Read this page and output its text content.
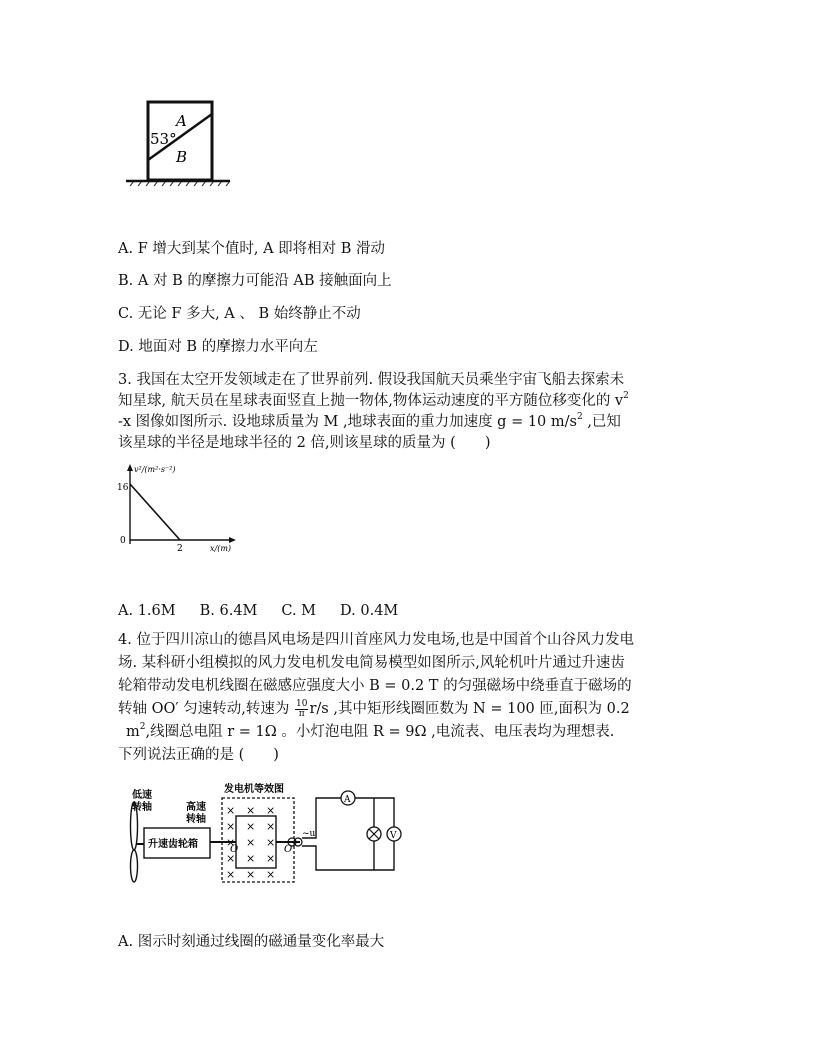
A
53°
B
A. F 增大到某个值时, A 即将相对 B 滑动
B. A 对 B 的摩擦力可能沿 AB 接触面向上
C. 无论 F 多大, A 、 B 始终静止不动
D. 地面对 B 的摩擦力水平向左
3. 我国在太空开发领域走在了世界前列. 假设我国航天员乘坐宇宙飞船去探索未
知星球, 航天员在星球表面竖直上抛一物体,物体运动速度的平方随位移变化的 $v^2$
-x 图像如图所示. 设地球质量为 M ,地球表面的重力加速度 g = 10 $m/s^2$ ,已知
该星球的半径是地球半径的 2 倍,则该星球的质量为 (　　)
v²/(m²·s⁻²)
16
0
2	x/(m)
A. 1.6M B. 6.4M C. M D. 0.4M
4. 位于四川凉山的德昌风电场是四川首座风力发电场,也是中国首个山谷风力发电
场. 某科研小组模拟的风力发电机发电简易模型如图所示,风轮机叶片通过升速齿
轮箱带动发电机线圈在磁感应强度大小 B = 0.2 T 的匀强磁场中绕垂直于磁场的
转轴 OO′ 匀速转动,转速为 $\frac{10}{\pi} r/s$ ,其中矩形线圈匝数为 N = 100 匝,面积为 0.2
$m^2$,线圈总电阻 r = 1Ω 。小灯泡电阻 R = 9Ω ,电流表、电压表均为理想表.
下列说法正确的是 (　　)
低速
转轴
升速齿轮箱
高速
转轴
发电机等效图
× × ×
× × ×
× × ×
× × ×
× × ×
O	O′
~u
A
V
A. 图示时刻通过线圈的磁通量变化率最大
